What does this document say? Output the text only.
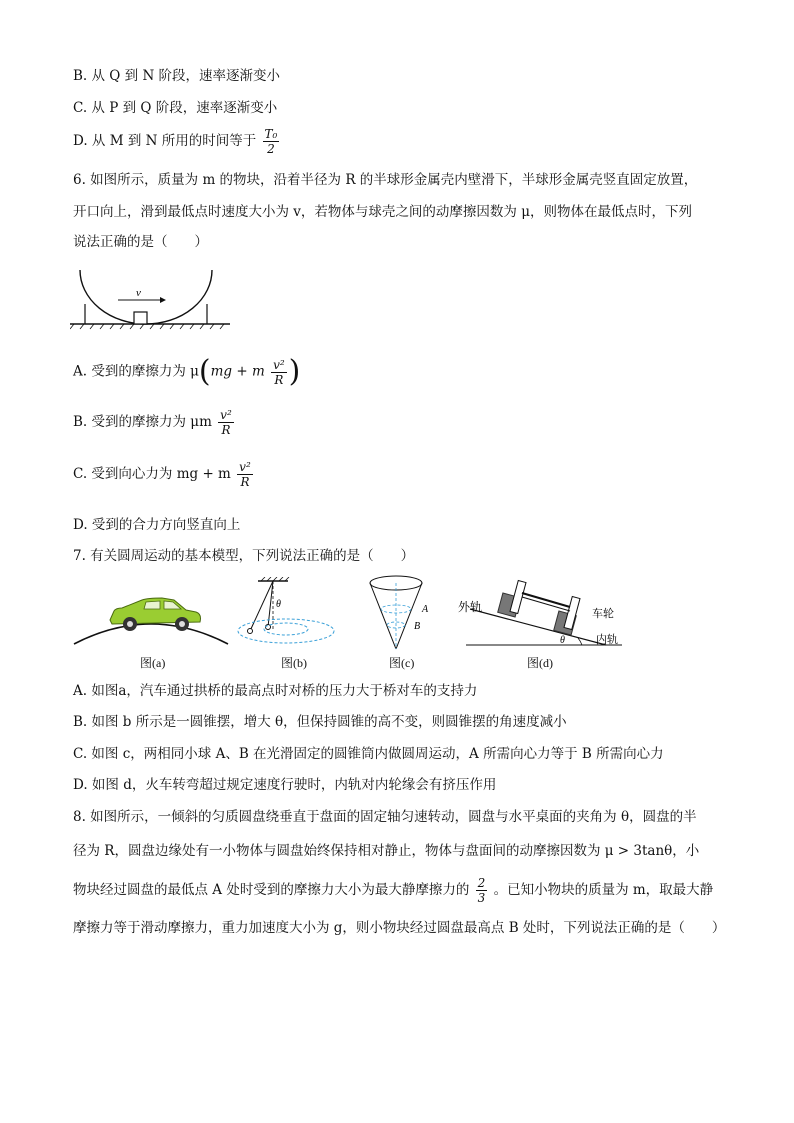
B. 从 Q 到 N 阶段，速率逐渐变小
C. 从 P 到 Q 阶段，速率逐渐变小
D. 从 M 到 N 所用的时间等于 $\frac{\text{T₀}}{2}$
6. 如图所示，质量为 m 的物块，沿着半径为 R 的半球形金属壳内壁滑下，半球形金属壳竖直固定放置，
开口向上，滑到最低点时速度大小为 v，若物体与球壳之间的动摩擦因数为 μ，则物体在最低点时，下列
说法正确的是（　　）
v
A. 受到的摩擦力为 μ(mg + m $\frac{\text{v²}}{R}$ )
B. 受到的摩擦力为 μm $\frac{\text{v²}}{R}$
C. 受到向心力为 mg + m $\frac{\text{v²}}{R}$
D. 受到的合力方向竖直向上
7. 有关圆周运动的基本模型，下列说法正确的是（　　）
图(a)
θ
图(b)
A
B
图(c)
θ
外轨	车轮
内轨
图(d)
A. 如图a，汽车通过拱桥的最高点时对桥的压力大于桥对车的支持力
B. 如图 b 所示是一圆锥摆，增大 θ，但保持圆锥的高不变，则圆锥摆的角速度减小
C. 如图 c，两相同小球 A、B 在光滑固定的圆锥筒内做圆周运动，A 所需向心力等于 B 所需向心力
D. 如图 d，火车转弯超过规定速度行驶时，内轨对内轮缘会有挤压作用
8. 如图所示，一倾斜的匀质圆盘绕垂直于盘面的固定轴匀速转动，圆盘与水平桌面的夹角为 θ，圆盘的半
径为 R，圆盘边缘处有一小物体与圆盘始终保持相对静止，物体与盘面间的动摩擦因数为 μ > 3tanθ，小
物块经过圆盘的最低点 A 处时受到的摩擦力大小为最大静摩擦力的 $\frac{2}{3}$ 。已知小物块的质量为 m，取最大静
摩擦力等于滑动摩擦力，重力加速度大小为 g，则小物块经过圆盘最高点 B 处时，下列说法正确的是（　　）
